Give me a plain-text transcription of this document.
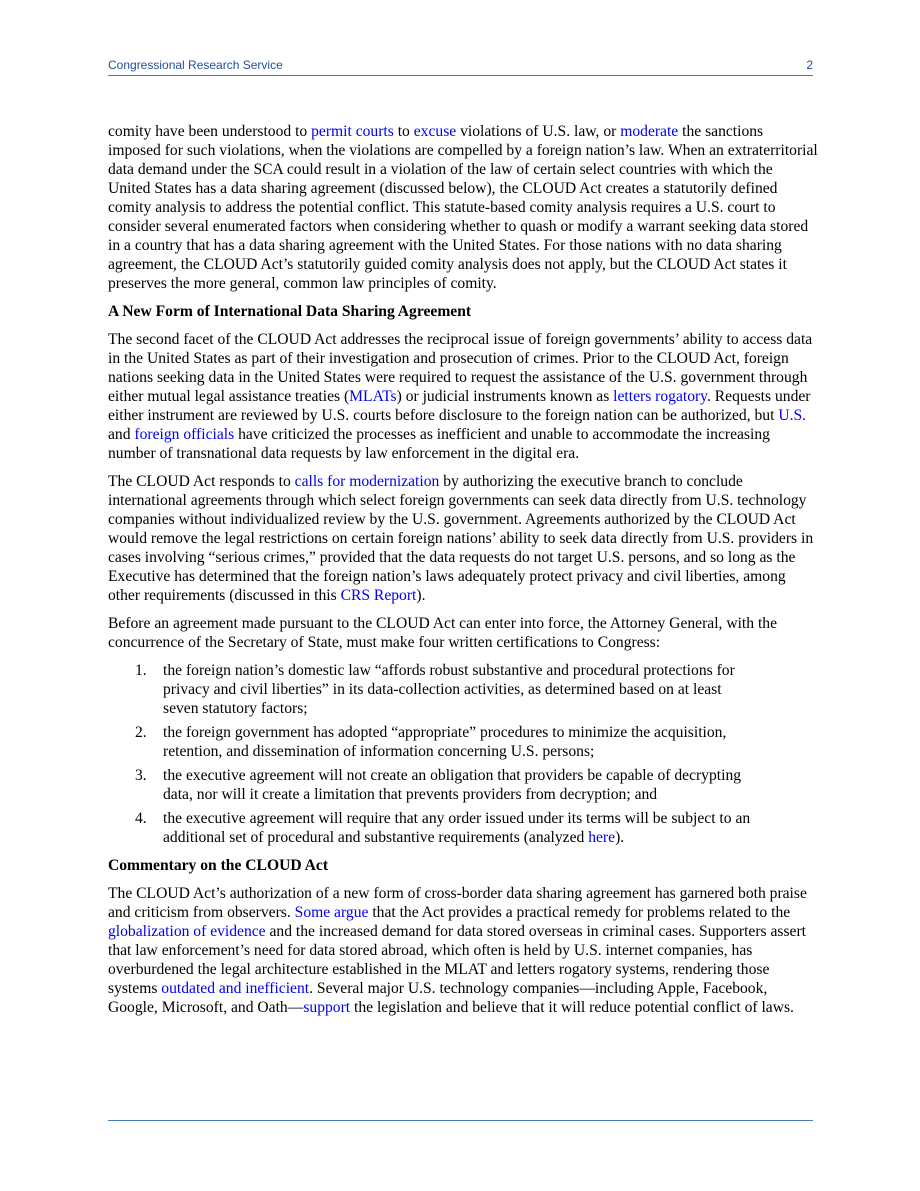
Congressional Research Service	2

comity have been understood to permit courts to excuse violations of U.S. law, or moderate the sanctions imposed for such violations, when the violations are compelled by a foreign nation’s law. When an extraterritorial data demand under the SCA could result in a violation of the law of certain select countries with which the United States has a data sharing agreement (discussed below), the CLOUD Act creates a statutorily defined comity analysis to address the potential conflict. This statute-based comity analysis requires a U.S. court to consider several enumerated factors when considering whether to quash or modify a warrant seeking data stored in a country that has a data sharing agreement with the United States. For those nations with no data sharing agreement, the CLOUD Act’s statutorily guided comity analysis does not apply, but the CLOUD Act states it preserves the more general, common law principles of comity.

A New Form of International Data Sharing Agreement

The second facet of the CLOUD Act addresses the reciprocal issue of foreign governments’ ability to access data in the United States as part of their investigation and prosecution of crimes. Prior to the CLOUD Act, foreign nations seeking data in the United States were required to request the assistance of the U.S. government through either mutual legal assistance treaties (MLATs) or judicial instruments known as letters rogatory. Requests under either instrument are reviewed by U.S. courts before disclosure to the foreign nation can be authorized, but U.S. and foreign officials have criticized the processes as inefficient and unable to accommodate the increasing number of transnational data requests by law enforcement in the digital era.

The CLOUD Act responds to calls for modernization by authorizing the executive branch to conclude international agreements through which select foreign governments can seek data directly from U.S. technology companies without individualized review by the U.S. government. Agreements authorized by the CLOUD Act would remove the legal restrictions on certain foreign nations’ ability to seek data directly from U.S. providers in cases involving “serious crimes,” provided that the data requests do not target U.S. persons, and so long as the Executive has determined that the foreign nation’s laws adequately protect privacy and civil liberties, among other requirements (discussed in this CRS Report).

Before an agreement made pursuant to the CLOUD Act can enter into force, the Attorney General, with the concurrence of the Secretary of State, must make four written certifications to Congress:

1. the foreign nation’s domestic law “affords robust substantive and procedural protections for privacy and civil liberties” in its data-collection activities, as determined based on at least seven statutory factors;
2. the foreign government has adopted “appropriate” procedures to minimize the acquisition, retention, and dissemination of information concerning U.S. persons;
3. the executive agreement will not create an obligation that providers be capable of decrypting data, nor will it create a limitation that prevents providers from decryption; and
4. the executive agreement will require that any order issued under its terms will be subject to an additional set of procedural and substantive requirements (analyzed here).
Commentary on the CLOUD Act

The CLOUD Act’s authorization of a new form of cross-border data sharing agreement has garnered both praise and criticism from observers. Some argue that the Act provides a practical remedy for problems related to the globalization of evidence and the increased demand for data stored overseas in criminal cases. Supporters assert that law enforcement’s need for data stored abroad, which often is held by U.S. internet companies, has overburdened the legal architecture established in the MLAT and letters rogatory systems, rendering those systems outdated and inefficient. Several major U.S. technology companies—including Apple, Facebook, Google, Microsoft, and Oath—support the legislation and believe that it will reduce potential conflict of laws.
